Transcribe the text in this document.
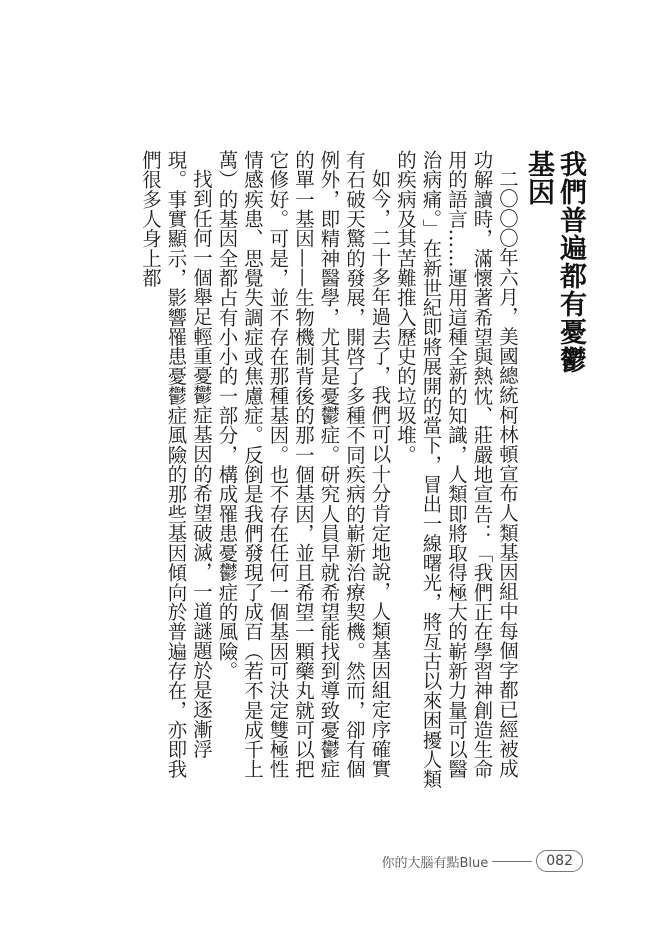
我們普遍都有憂鬱基因

二〇〇〇年六月，美國總統柯林頓宣布人類基因組中每個字都已經被成功解讀時，滿懷著希望與熱忱、莊嚴地宣告：「我們正在學習神創造生命用的語言……運用這種全新的知識，人類即將取得極大的嶄新力量可以醫治病痛。」在新世紀即將展開的當下，冒出一線曙光，將亙古以來困擾人類的疾病及其苦難推入歷史的垃圾堆。

如今，二十多年過去了，我們可以十分肯定地說，人類基因組定序確實有石破天驚的發展，開啓了多種不同疾病的嶄新治療契機。然而，卻有個例外，即精神醫學，尤其是憂鬱症。研究人員早就希望能找到導致憂鬱症的單一基因——生物機制背後的那一個基因，並且希望一顆藥丸就可以把它修好。可是，並不存在那種基因。也不存在任何一個基因可決定雙極性情感疾患、思覺失調症或焦慮症。反倒是我們發現了成百（若不是成千上萬）的基因全都占有小小的一部分，構成罹患憂鬱症的風險。

找到任何一個舉足輕重憂鬱症基因的希望破滅，一道謎題於是逐漸浮現。事實顯示，影響罹患憂鬱症風險的那些基因傾向於普遍存在，亦即我們很多人身上都

你的大腦有點Blue	082
